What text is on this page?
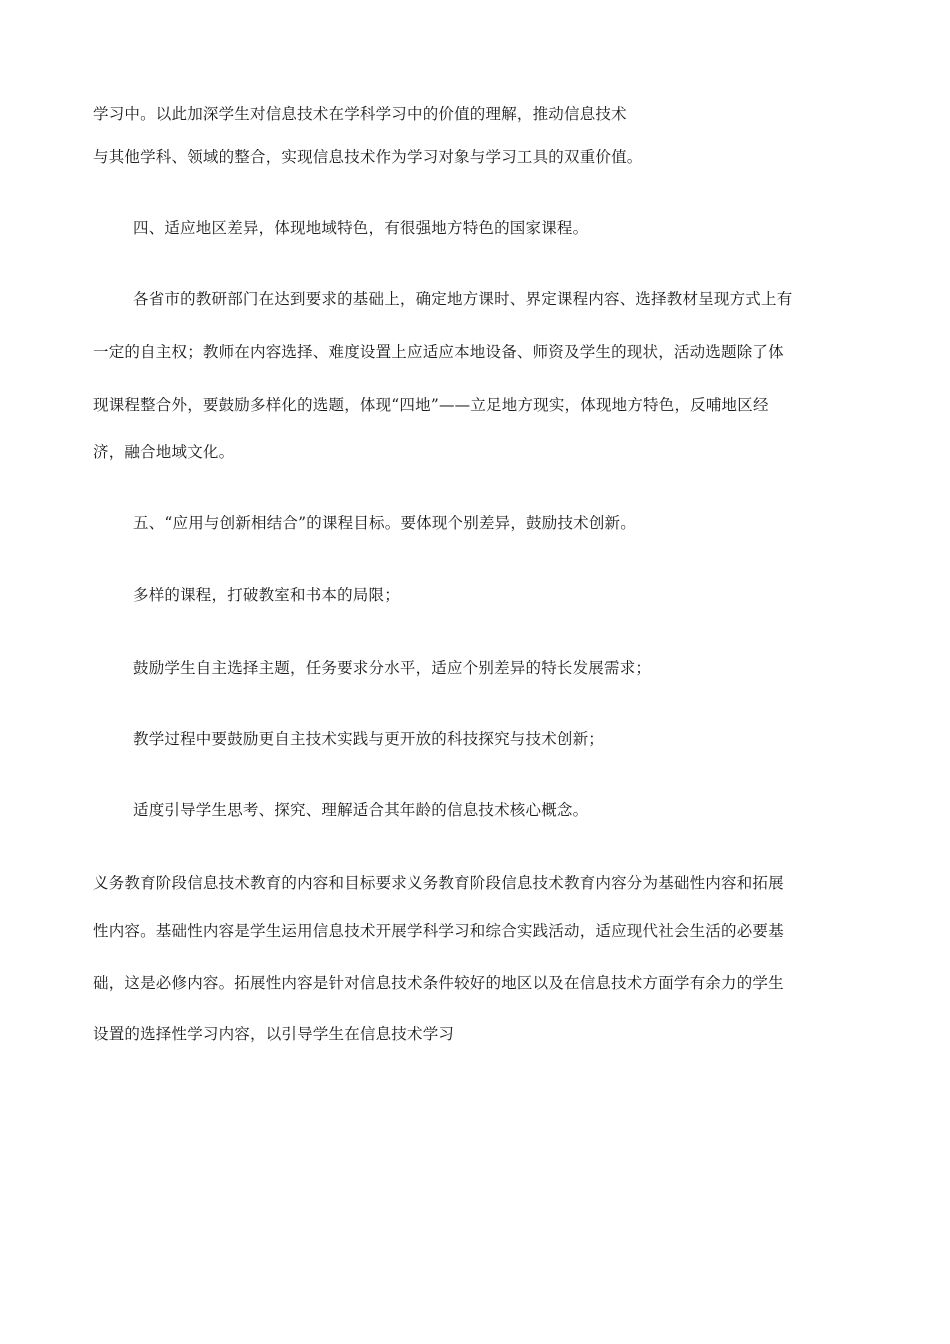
学习中。以此加深学生对信息技术在学科学习中的价值的理解，推动信息技术
与其他学科、领域的整合，实现信息技术作为学习对象与学习工具的双重价值。
四、适应地区差异，体现地域特色，有很强地方特色的国家课程。
各省市的教研部门在达到要求的基础上，确定地方课时、界定课程内容、选择教材呈现方式上有
一定的自主权；教师在内容选择、难度设置上应适应本地设备、师资及学生的现状，活动选题除了体
现课程整合外，要鼓励多样化的选题，体现“四地”——立足地方现实，体现地方特色，反哺地区经
济，融合地域文化。
五、“应用与创新相结合”的课程目标。要体现个别差异，鼓励技术创新。
多样的课程，打破教室和书本的局限；
鼓励学生自主选择主题，任务要求分水平，适应个别差异的特长发展需求；
教学过程中要鼓励更自主技术实践与更开放的科技探究与技术创新；
适度引导学生思考、探究、理解适合其年龄的信息技术核心概念。
义务教育阶段信息技术教育的内容和目标要求义务教育阶段信息技术教育内容分为基础性内容和拓展
性内容。基础性内容是学生运用信息技术开展学科学习和综合实践活动，适应现代社会生活的必要基
础，这是必修内容。拓展性内容是针对信息技术条件较好的地区以及在信息技术方面学有余力的学生
设置的选择性学习内容，以引导学生在信息技术学习
